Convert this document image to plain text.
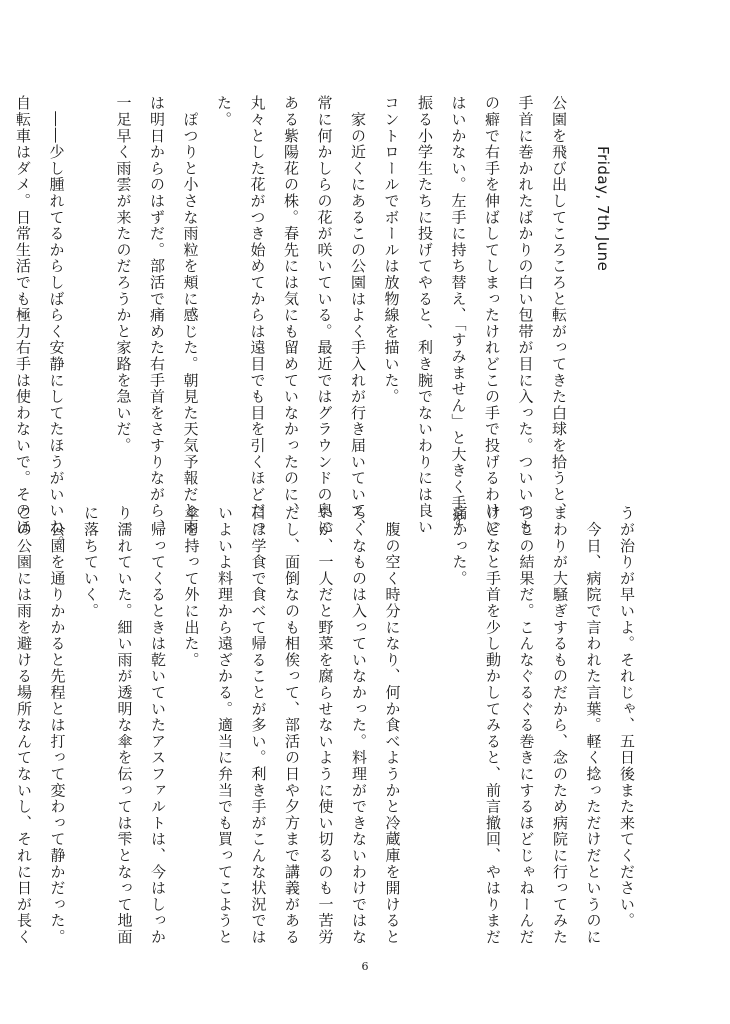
Friday, 7th June
公園を飛び出してころころと転がってきた白球を拾うと、
手首に巻かれたばかりの白い包帯が目に入った。ついいつも
の癖で右手を伸ばしてしまったけれどこの手で投げるわけに
はいかない。左手に持ち替え、「すみません」と大きく手を
振る小学生たちに投げてやると、利き腕でないわりには良い
コントロールでボールは放物線を描いた。
　家の近くにあるこの公園はよく手入れが行き届いていて、
常に何かしらの花が咲いている。最近ではグラウンドの奥に
ある紫陽花の株。春先には気にも留めていなかったのに、
丸々とした花がつき始めてからは遠目でも目を引くほどだっ
た。
　ぽつりと小さな雨粒を頬に感じた。朝見た天気予報だと雨
は明日からのはずだ。部活で痛めた右手首をさすりながら、
一足早く雨雲が来たのだろうかと家路を急いだ。

　――少し腫れてるからしばらく安静にしてたほうがいいね。
自転車はダメ。日常生活でも極力右手は使わないで。そのほ
うが治りが早いよ。それじゃ、五日後また来てください。
　今日、病院で言われた言葉。軽く捻っただけだというのに
まわりが大騒ぎするものだから、念のため病院に行ってみた
らこの結果だ。こんなぐるぐる巻きにするほどじゃねーんだ
けどなと手首を少し動かしてみると、前言撤回、やはりまだ
痛かった。

　腹の空く時分になり、何か食べようかと冷蔵庫を開けると
ろくなものは入っていなかった。料理ができないわけではな
いが、一人だと野菜を腐らせないように使い切るのも一苦労
だし、面倒なのも相俟って、部活の日や夕方まで講義がある
日は学食で食べて帰ることが多い。利き手がこんな状況では
いよいよ料理から遠ざかる。適当に弁当でも買ってこようと
傘を持って外に出た。
　帰ってくるときは乾いていたアスファルトは、今はしっか
り濡れていた。細い雨が透明な傘を伝っては雫となって地面
に落ちていく。
　公園を通りかかると先程とは打って変わって静かだった。
この公園には雨を避ける場所なんてないし、それに日が長く
6
